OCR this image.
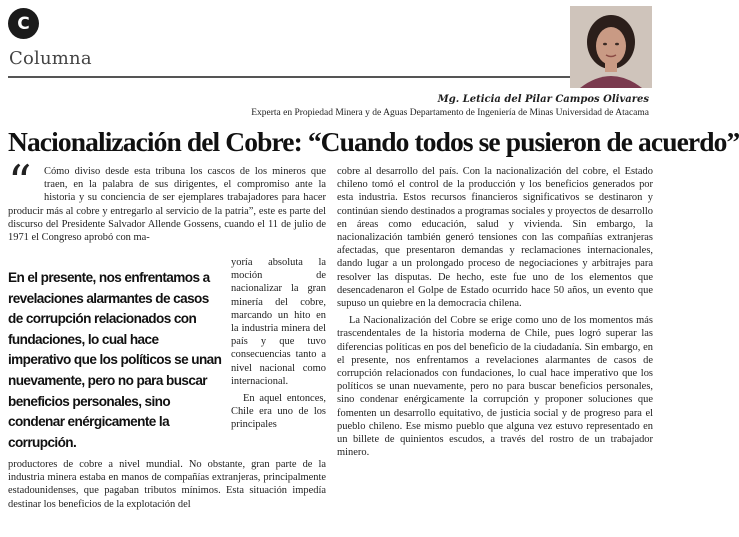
C
Columna
Mg. Leticia del Pilar Campos Olivares
Experta en Propiedad Minera y de Aguas Departamento de Ingeniería de Minas Universidad de Atacama
Nacionalización del Cobre: “Cuando todos se pusieron de acuerdo”
“	Cómo diviso desde esta tribuna los cascos de los mineros que traen, en la palabra de sus dirigentes, el compromiso ante la historia y su conciencia de ser ejemplares trabajadores para hacer producir más al cobre y entregarlo al servicio de la patria”, este es parte del discurso del Presidente Salvador Allende Gossens, cuando el 11 de julio de 1971 el Congreso aprobó con ma-

En el presente, nos enfrentamos a revelaciones alarmantes de casos de corrupción relacionados con fundaciones, lo cual hace imperativo que los políticos se unan nuevamente, pero no para buscar beneficios personales, sino condenar enérgicamente la corrupción.

yoría absoluta la moción de nacionalizar la gran minería del cobre, marcando un hito en la industria minera del país y que tuvo consecuencias tanto a nivel nacional como internacional.

En aquel entonces, Chile era uno de los principales

productores de cobre a nivel mundial. No obstante, gran parte de la industria minera estaba en manos de compañías extranjeras, principalmente estadounidenses, que pagaban tributos mínimos. Esta situación impedía destinar los beneficios de la explotación del

cobre al desarrollo del país. Con la nacionalización del cobre, el Estado chileno tomó el control de la producción y los beneficios generados por esta industria. Estos recursos financieros significativos se destinaron y continúan siendo destinados a programas sociales y proyectos de desarrollo en áreas como educación, salud y vivienda. Sin embargo, la nacionalización también generó tensiones con las compañías extranjeras afectadas, que presentaron demandas y reclamaciones internacionales, dando lugar a un prolongado proceso de negociaciones y arbitrajes para resolver las disputas. De hecho, este fue uno de los elementos que desencadenaron el Golpe de Estado ocurrido hace 50 años, un evento que supuso un quiebre en la democracia chilena.

La Nacionalización del Cobre se erige como uno de los momentos más trascendentales de la historia moderna de Chile, pues logró superar las diferencias políticas en pos del beneficio de la ciudadanía. Sin embargo, en el presente, nos enfrentamos a revelaciones alarmantes de casos de corrupción relacionados con fundaciones, lo cual hace imperativo que los políticos se unan nuevamente, pero no para buscar beneficios personales, sino condenar enérgicamente la corrupción y proponer soluciones que fomenten un desarrollo equitativo, de justicia social y de progreso para el pueblo chileno. Ese mismo pueblo que alguna vez estuvo representado en un billete de quinientos escudos, a través del rostro de un trabajador minero.
